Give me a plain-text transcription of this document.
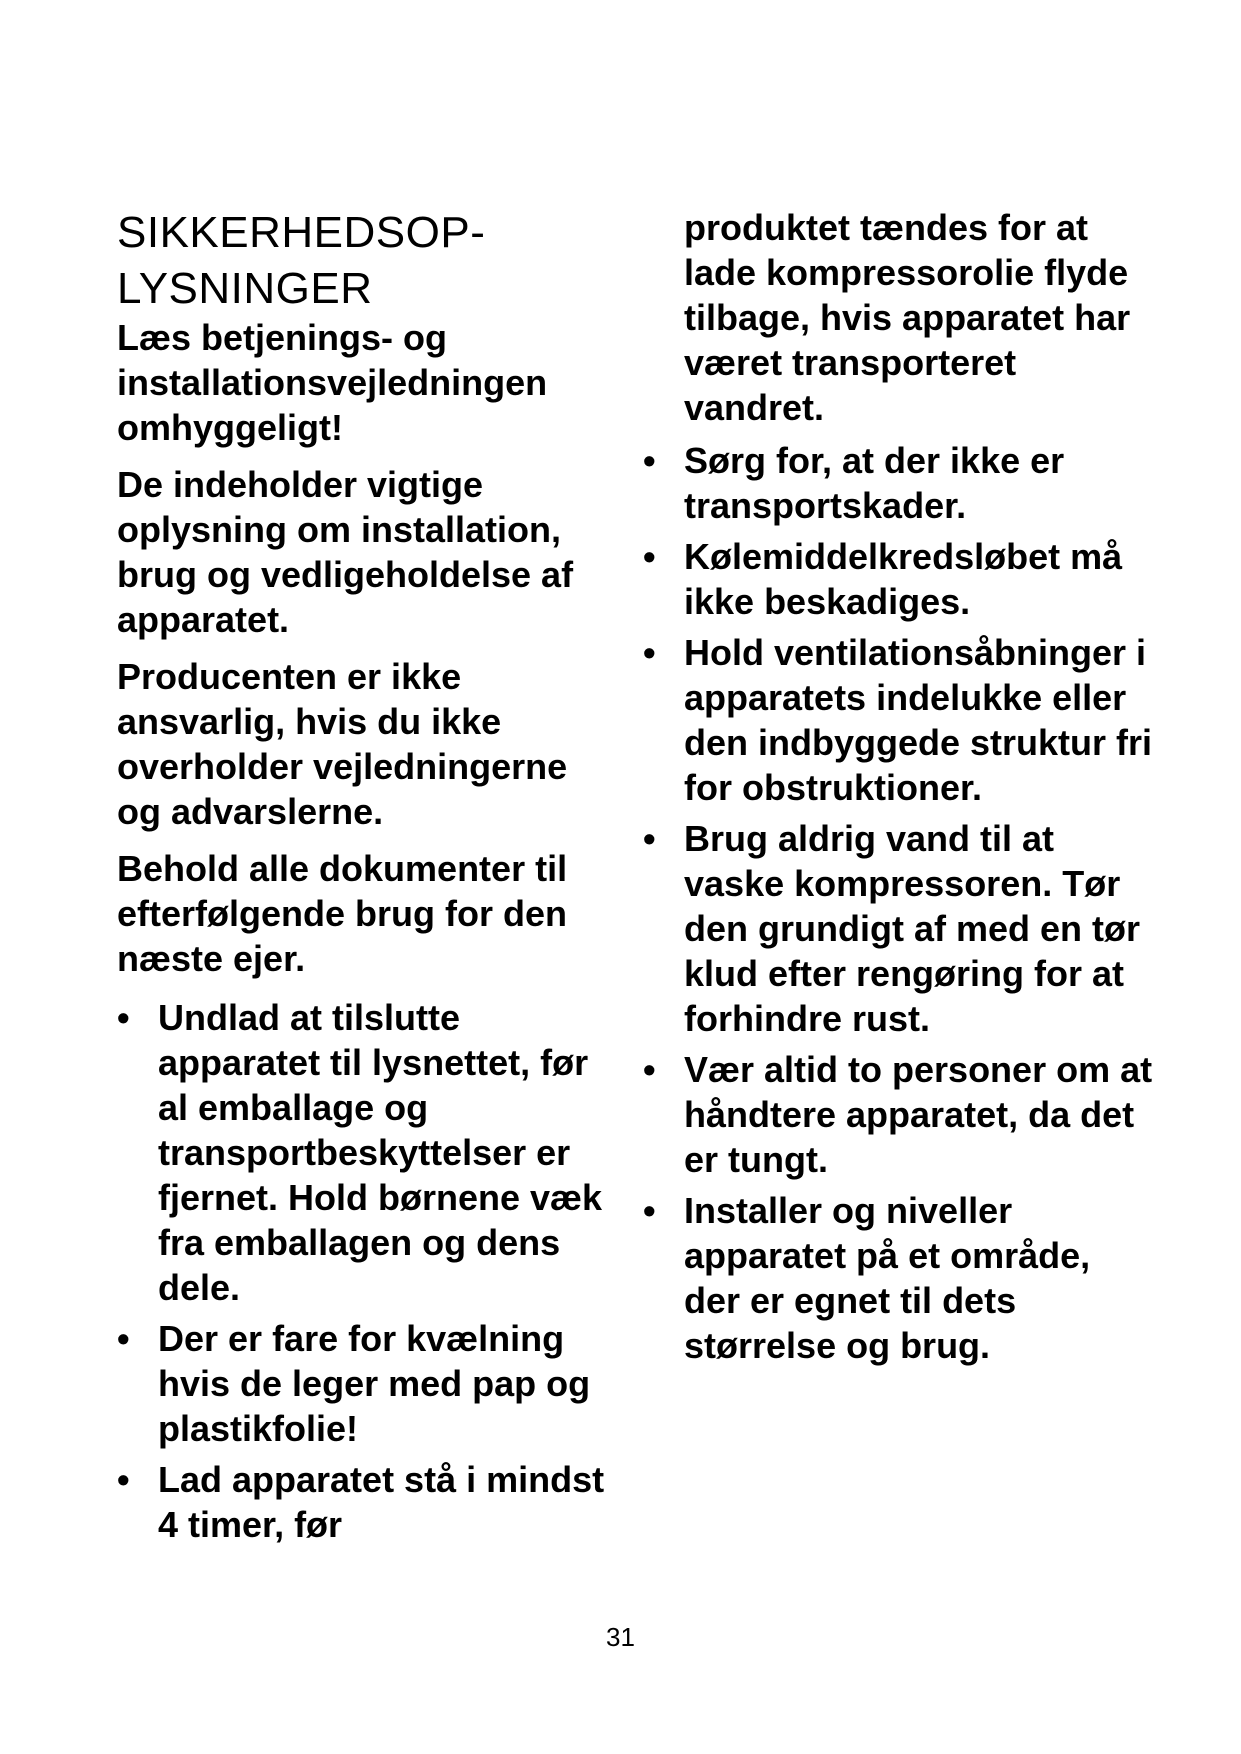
SIKKERHEDSOP-
LYSNINGER

Læs betjenings- og installationsvejledningen omhyggeligt!

De indeholder vigtige oplysning om installation, brug og vedligeholdelse af apparatet.

Producenten er ikke ansvarlig, hvis du ikke overholder vejledningerne og advarslerne.

Behold alle dokumenter til efterfølgende brug for den næste ejer.

• Undlad at tilslutte apparatet til lysnettet, før al emballage og transportbeskyttelser er fjernet. Hold børnene væk fra emballagen og dens dele.
• Der er fare for kvælning hvis de leger med pap og plastikfolie!
• Lad apparatet stå i mindst 4 timer, før
produktet tændes for at lade kompressorolie flyde tilbage, hvis apparatet har været transporteret vandret.
• Sørg for, at der ikke er transportskader.
• Kølemiddelkredsløbet må ikke beskadiges.
• Hold ventilationsåbninger i apparatets indelukke eller den indbyggede struktur fri for obstruktioner.
• Brug aldrig vand til at vaske kompressoren. Tør den grundigt af med en tør klud efter rengøring for at forhindre rust.
• Vær altid to personer om at håndtere apparatet, da det er tungt.
• Installer og niveller apparatet på et område, der er egnet til dets størrelse og brug.
31
